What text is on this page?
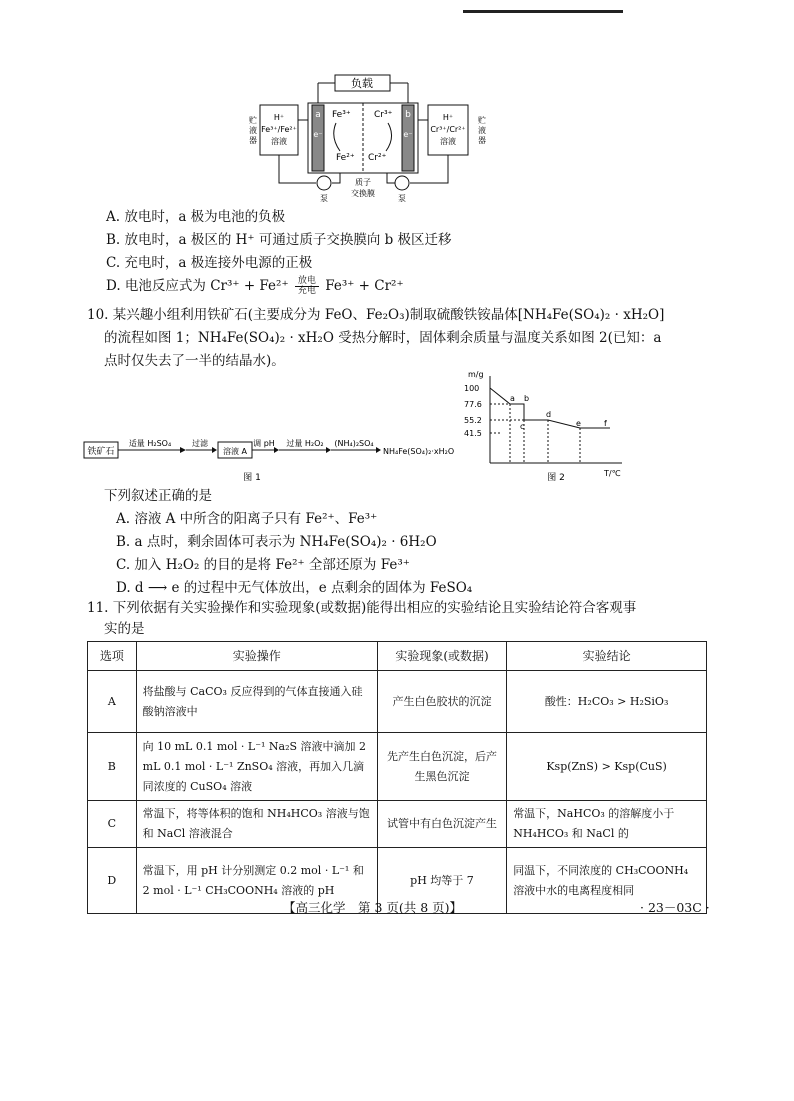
负载
a	b
e⁻	e⁻
Fe³⁺
Fe²⁺
Cr³⁺
Cr²⁺
H⁺
Fe³⁺/Fe²⁺
溶液
H⁺
Cr³⁺/Cr²⁺
溶液
贮
液
器
贮
液
器
泵	泵
质子
交换膜
A. 放电时，a 极为电池的负极
B. 放电时，a 极区的 H⁺ 可通过质子交换膜向 b 极区迁移
C. 充电时，a 极连接外电源的正极
D. 电池反应式为 $Cr^{3+} + Fe^{2+} \frac{\text{放电}}{\text{充电}} Fe^{3+} + Cr^{2+}$
10. 某兴趣小组利用铁矿石(主要成分为 FeO、Fe₂O₃)制取硫酸铁铵晶体[NH₄Fe(SO₄)₂ · xH₂O]
的流程如图 1；NH₄Fe(SO₄)₂ · xH₂O 受热分解时，固体剩余质量与温度关系如图 2(已知：a
点时仅失去了一半的结晶水)。
铁矿石
适量 H₂SO₄	过滤
溶液 A
调 pH 过量 H₂O₂ (NH₄)₂SO₄
NH₄Fe(SO₄)₂·xH₂O
图 1
m/g
T/℃
100
77.6
55.2
41.5
a b
c
d
e	f
图 2
下列叙述正确的是
A. 溶液 A 中所含的阳离子只有 Fe²⁺、Fe³⁺
B. a 点时，剩余固体可表示为 NH₄Fe(SO₄)₂ · 6H₂O
C. 加入 H₂O₂ 的目的是将 Fe²⁺ 全部还原为 Fe³⁺
D. d ⟶ e 的过程中无气体放出，e 点剩余的固体为 FeSO₄
11. 下列依据有关实验操作和实验现象(或数据)能得出相应的实验结论且实验结论符合客观事
实的是
选项	实验操作	实验现象(或数据)	实验结论
A	将盐酸与 CaCO₃ 反应得到的气体直接通入硅酸钠溶液中	产生白色胶状的沉淀	酸性：H₂CO₃ > H₂SiO₃
B	向 10 mL 0.1 mol · L⁻¹ Na₂S 溶液中滴加 2 mL 0.1 mol · L⁻¹ ZnSO₄ 溶液，再加入几滴同浓度的 CuSO₄ 溶液	先产生白色沉淀，后产生黑色沉淀	Ksp(ZnS) > Ksp(CuS)
C	常温下，将等体积的饱和 NH₄HCO₃ 溶液与饱和 NaCl 溶液混合	试管中有白色沉淀产生	常温下，NaHCO₃ 的溶解度小于 NH₄HCO₃ 和 NaCl 的
D	常温下，用 pH 计分别测定 0.2 mol · L⁻¹ 和 2 mol · L⁻¹ CH₃COONH₄ 溶液的 pH	pH 均等于 7	同温下，不同浓度的 CH₃COONH₄ 溶液中水的电离程度相同
【高三化学　第 3 页(共 8 页)】	· 23－03C ·
